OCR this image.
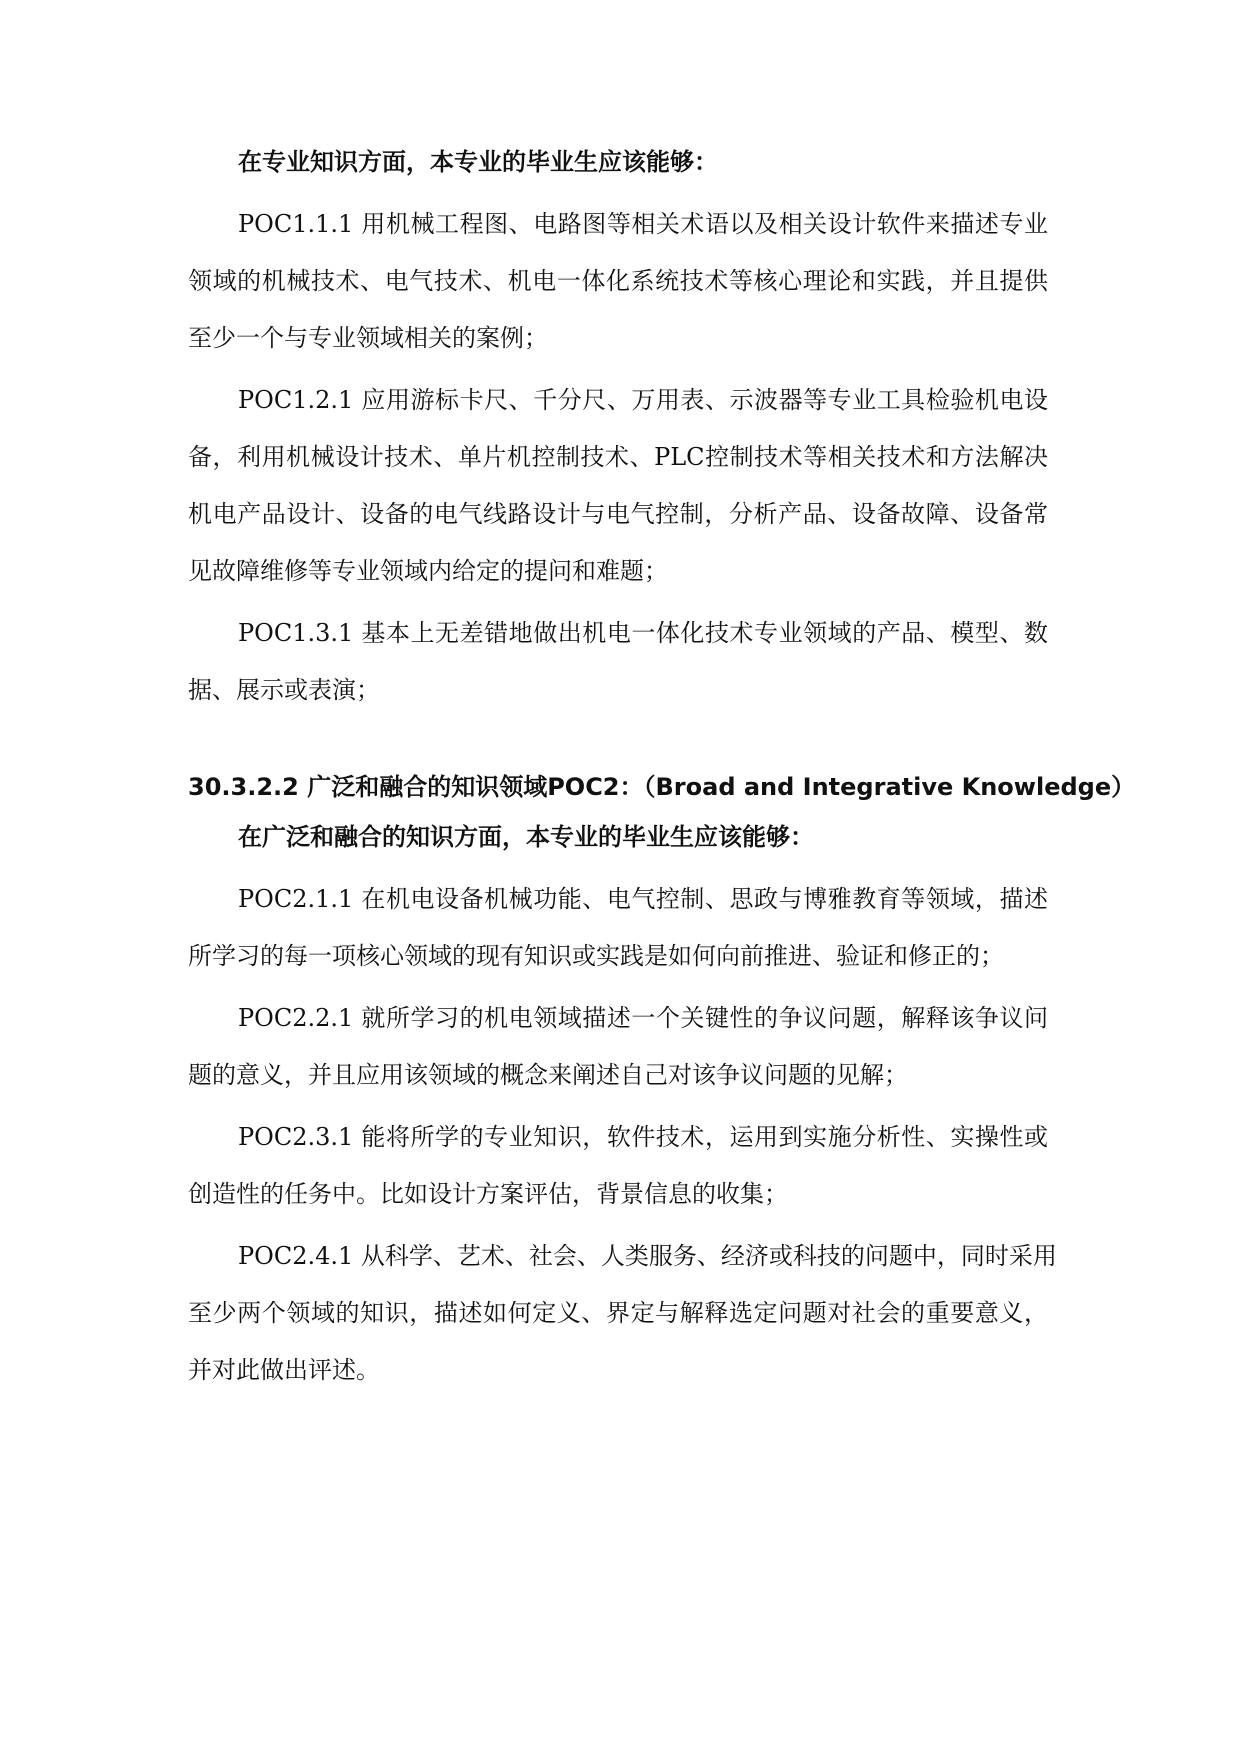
在专业知识方面，本专业的毕业生应该能够：
POC1.1.1 用机械工程图、电路图等相关术语以及相关设计软件来描述专业
领域的机械技术、电气技术、机电一体化系统技术等核心理论和实践，并且提供
至少一个与专业领域相关的案例；
POC1.2.1 应用游标卡尺、千分尺、万用表、示波器等专业工具检验机电设
备，利用机械设计技术、单片机控制技术、PLC控制技术等相关技术和方法解决
机电产品设计、设备的电气线路设计与电气控制，分析产品、设备故障、设备常
见故障维修等专业领域内给定的提问和难题；
POC1.3.1 基本上无差错地做出机电一体化技术专业领域的产品、模型、数
据、展示或表演；
30.3.2.2 广泛和融合的知识领域POC2：（Broad and Integrative Knowledge）
在广泛和融合的知识方面，本专业的毕业生应该能够：
POC2.1.1 在机电设备机械功能、电气控制、思政与博雅教育等领域，描述
所学习的每一项核心领域的现有知识或实践是如何向前推进、验证和修正的；
POC2.2.1 就所学习的机电领域描述一个关键性的争议问题，解释该争议问
题的意义，并且应用该领域的概念来阐述自己对该争议问题的见解；
POC2.3.1 能将所学的专业知识，软件技术，运用到实施分析性、实操性或
创造性的任务中。比如设计方案评估，背景信息的收集；
POC2.4.1 从科学、艺术、社会、人类服务、经济或科技的问题中，同时采用
至少两个领域的知识，描述如何定义、界定与解释选定问题对社会的重要意义，
并对此做出评述。
